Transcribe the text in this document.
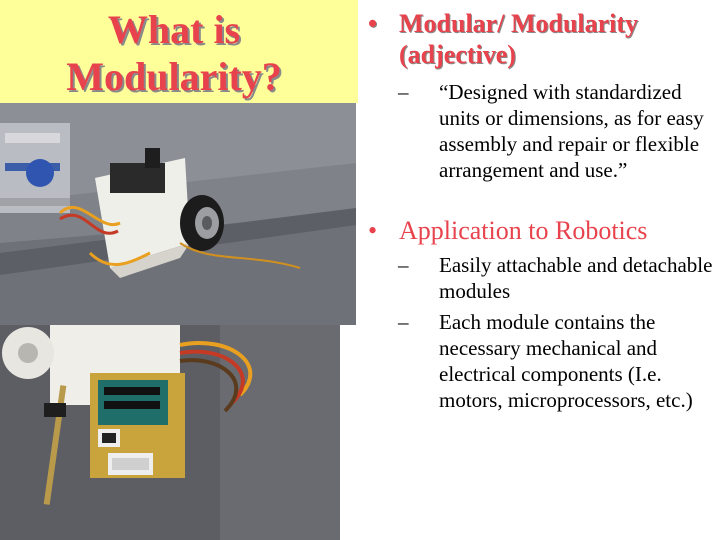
What is
Modularity?
• Modular/ Modularity (adjective)
–	“Designed with standardized units or dimensions, as for easy assembly and repair or flexible arrangement and use.”
• Application to Robotics
–	Easily attachable and detachable modules
–	Each module contains the necessary mechanical and electrical components (I.e. motors, microprocessors, etc.)
